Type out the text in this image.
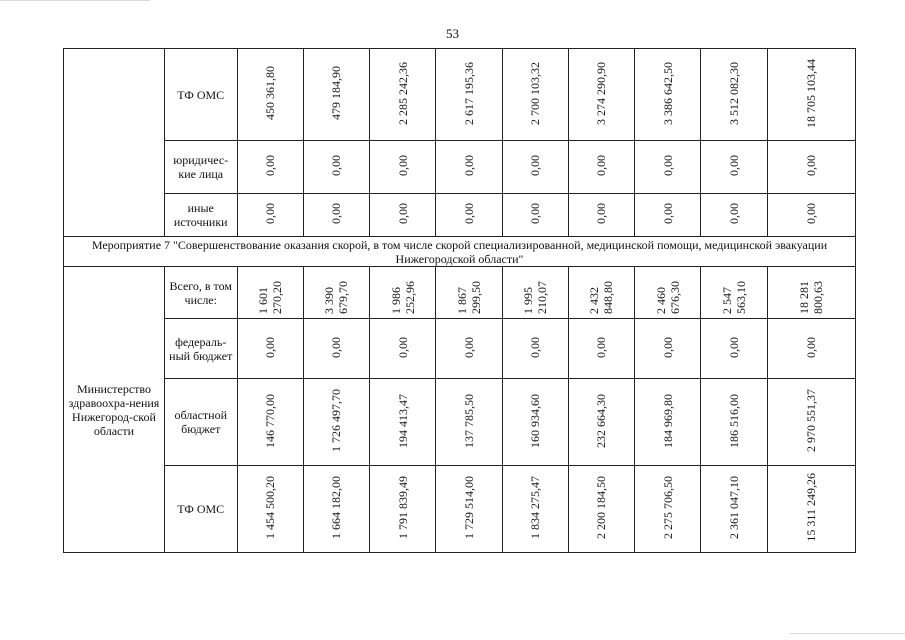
53
	ТФ ОМС	450 361,80	479 184,90	2 285 242,36	2 617 195,36	2 700 103,32	3 274 290,90	3 386 642,50	3 512 082,30	18 705 103,44
	юридичес-кие лица	0,00	0,00	0,00	0,00	0,00	0,00	0,00	0,00	0,00
	иные источники	0,00	0,00	0,00	0,00	0,00	0,00	0,00	0,00	0,00
Мероприятие 7 "Совершенствование оказания скорой, в том числе скорой специализированной, медицинской помощи, медицинской эвакуации Нижегородской области"										
Министерство здравоохра-нения Нижегород-ской области	Всего, в том числе:	1 601 270,20	3 390 679,70	1 986 252,96	1 867 299,50	1 995 210,07	2 432 848,80	2 460 676,30	2 547 563,10	18 281 800,63
	федераль-ный бюджет	0,00	0,00	0,00	0,00	0,00	0,00	0,00	0,00	0,00
	областной бюджет	146 770,00	1 726 497,70	194 413,47	137 785,50	160 934,60	232 664,30	184 969,80	186 516,00	2 970 551,37
	ТФ ОМС	1 454 500,20	1 664 182,00	1 791 839,49	1 729 514,00	1 834 275,47	2 200 184,50	2 275 706,50	2 361 047,10	15 311 249,26
